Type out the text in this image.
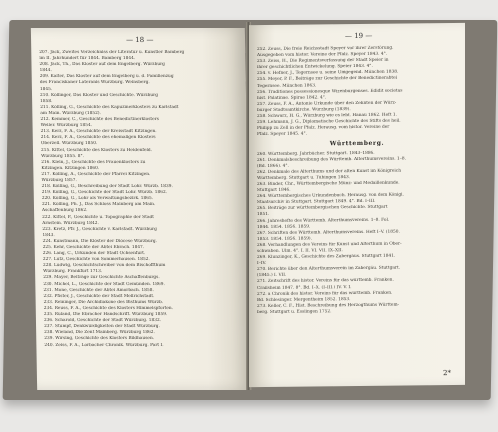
— 18 —
207. Jäck, Zweites Verzeichniss der Literatur u. Kunstler Bamberg
im II. Jahrhundert für 1844. Bamberg 1844.
208. Jäck, Th., Das Kloster auf dem Engelberg. Würzburg
1844.
209. Kalter, Das Kloster auf dem Engelberg u. d. Familienzug
des Franciskaner Lateranis Wurzburg. Weinsberg.
1845.
210. Köllinger, Das Kloster und Geschichte. Würzburg
1858.
211. Kölling, G., Geschichte des Kapuzinerklosters zu Karlstadt
am Main. Würzburg (1852).
212. Kemmer, C., Geschichte des Benedictinerklosters
Weiler. Würzburg 1854.
213. Kerz, F. A., Geschichte der Kreisstadt Kitzingen.
214. Kerz, F. A., Geschichte des ehemaligen Klosters
Oberzell. Würzburg 1850.
215. Kittel, Geschichte des Klosters zu Heidenfeld.
Würzburg 1855. 8°.
216. Klein, J., Geschichte des Frauenklosters zu
Kitzingen. Kitzingen 1860.
217. Kölling, A., Geschichte der Pfarrei Kitzingen.
Würzburg 1857.
218. Kölling, G., Beschreibung der Stadt Lohr. Würzb. 1839.
219. Kölling, G., Geschichte der Stadt Lohr. Würzb. 1862.
220. Kölling, G., Lohr als Verwaltungsbezirk. 1865.
221. Kölling, Ph. J., Das Schloss Mainberg am Main.
Aschaffenburg 1862.
222. Kittel, P., Geschichte u. Topographie der Stadt
Arnstein. Würzburg 1842.
223. Kretz, Pfr. J., Geschichte v. Karlstadt. Würzburg
1843.
224. Kunstmann, Die Klöster der Diöcese Würzburg.
225. Kehr, Geschichte der Abtei Ebrach. 1847.
226. Lang, C., Urkunden der Stadt Ochsenfurt.
227. Lutz, Geschichte von Sommerhausen. 1852.
228. Ludwig, Geschichtschreiber von dem Bischoffthum
Würzburg. Frankfurt 1713.
229. Mayer, Beiträge zur Geschichte Aschaffenburgs.
230. Michel, L., Geschichte der Stadt Gemünden. 1869.
231. Mone, Geschichte der Abtei Amorbach. 1858.
232. Pfister, J., Geschichte der Stadt Mellrichstadt.
233. Reininger, Die Archidiakone des Bisthums Würzb.
234. Reuss, F. A., Geschichte des Klosters Himmelspforten.
235. Ruland, Die Ebracher Handschrift. Würzburg 1859.
236. Scharold, Geschichte der Stadt Würzburg. 1832.
237. Stumpf, Denkwürdigkeiten der Stadt Würzburg.
238. Wieland, Die Zent Mainberg. Würzburg 1862.
239. Wirsing, Geschichte des Klosters Bildhausen.
240. Zeiss, F. A., Lorbacher Chronik. Würzburg. Part I.
— 19 —
252. Zeuss, Die freie Reichsstadt Speyer vor ihrer Zerstörung.
Ausgegeben vom histor. Vereine der Pfalz. Speyer 1843. 4°.
253. Zeiss, H., Die Regimentsverfassung der Stadt Speier in
ihrer geschichtlichen Entwickelung. Speier 1843. 4°.
254. v. Hefner, J., Tegernsee u. seine Umgegend. München 1838.
255. Meyer, P. F., Beiträge zur Geschichte der Benedictinerabtei
Tegernsee. München 1863.
256. Traditiones possessionesque Wizenburgenses. Edidit societas
hist. Palatinae. Spirae 1842. 4°.
257. Zeuss, F. A., Antonie Urkunde über den Zehnten der Würz-
burger Stadtsamtkirche. Würzburg (1839).
258. Schwarz, H. G., Würzburg wie es lebt. Hanau 1862. Heft 1.
259. Lehmann, J. G., Diplomatische Geschichte des Stifts des heil.
Philipp zu Zell in der Pfalz. Herausg. vom histor. Vereine der
Pfalz. Speyer 1845. 4°.
Württemberg.
260. Württemberg. Jahrbücher. Stuttgart. 1843–1886.
261. Denkmalsbeschreibung des Württemb. Alterthumsvereins. 1–8.
(Bd. 1866). 4°.
262. Denkmale des Alterthums und der alten Kunst im Königreich
Württemberg. Stuttgart u. Tübingen 1843.
263. Binder, Chr., Württembergische Münz- und Medaillenkunde.
Stuttgart 1846.
264. Württembergisches Urkundenbuch. Herausg. von dem Königl.
Staatsarchiv in Stuttgart. Stuttgart 1849. 4°. Bd. I–III.
265. Beiträge zur württembergischen Geschichte. Stuttgart
1851.
266. Jahreshefte des Württemb. Alterthumsvereins. 1–8. Fol.
1844. 1854. 1856. 1859.
267. Schriften des Württemb. Alterthumsvereins. Heft I–V. (1850.
1853. 1854. 1856. 1859).
268. Verhandlungen des Vereins für Kunst und Alterthum in Ober-
schwaben. Ulm. 4°. I. II. VI. VII. IX–XII.
269. Klunzinger, K., Geschichte des Zabergäus. Stuttgart 1841.
I–IV.
270. Berichte über den Alterthumsverein im Zabergäu. Stuttgart.
(1845.) I. VII.
271. Zeitschrift des histor. Vereins für das württemb. Franken.
Crailsheim 1847. 8°. Bd. I–X. (I–III.) IV. V. I.
272. a Chronik des histor. Vereins für das württemb. Franken.
Bd. Schlesinger. Mergentheim 1852. 1853.
273. Keller, C. F., Hist. Beschreibung des Herzogthums Württem-
berg. Stuttgart u. Esslingen 1752.
2*
